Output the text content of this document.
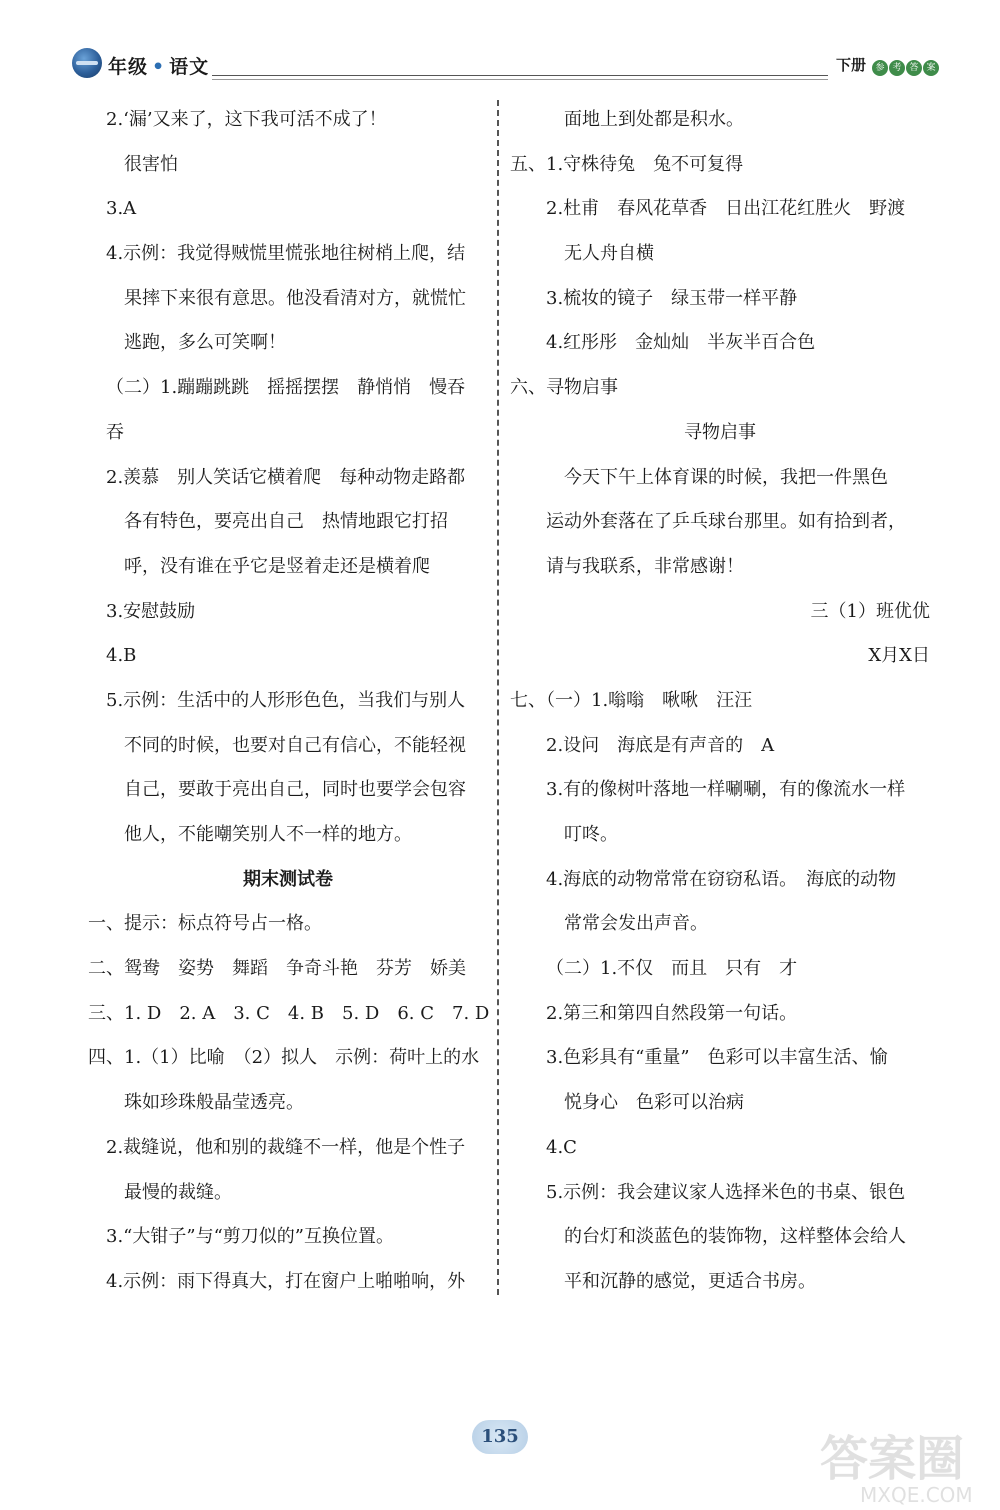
年级 • 语文	下册	参 考 答 案
2.‘漏’又来了，这下我可活不成了！
很害怕
3.A
4.示例：我觉得贼慌里慌张地往树梢上爬，结
果摔下来很有意思。他没看清对方，就慌忙
逃跑，多么可笑啊！
（二）1.蹦蹦跳跳　摇摇摆摆　静悄悄　慢吞
吞
2.羡慕　别人笑话它横着爬　每种动物走路都
各有特色，要亮出自己　热情地跟它打招
呼，没有谁在乎它是竖着走还是横着爬
3.安慰鼓励
4.B
5.示例：生活中的人形形色色，当我们与别人
不同的时候，也要对自己有信心，不能轻视
自己，要敢于亮出自己，同时也要学会包容
他人，不能嘲笑别人不一样的地方。
期末测试卷
一、提示：标点符号占一格。
二、鸳鸯　姿势　舞蹈　争奇斗艳　芬芳　娇美
三、1. D　2. A　3. C　4. B　5. D　6. C　7. D
四、1.（1）比喻　（2）拟人　示例：荷叶上的水
珠如珍珠般晶莹透亮。
2.裁缝说，他和别的裁缝不一样，他是个性子
最慢的裁缝。
3.“大钳子”与“剪刀似的”互换位置。
4.示例：雨下得真大，打在窗户上啪啪响，外
面地上到处都是积水。
五、1.守株待兔　兔不可复得
2.杜甫　春风花草香　日出江花红胜火　野渡
无人舟自横
3.梳妆的镜子　绿玉带一样平静
4.红彤彤　金灿灿　半灰半百合色
六、寻物启事
寻物启事
今天下午上体育课的时候，我把一件黑色
运动外套落在了乒乓球台那里。如有拾到者，
请与我联系，非常感谢！
三（1）班优优
X月X日
七、（一）1.嗡嗡　啾啾　汪汪
2.设问　海底是有声音的　A
3.有的像树叶落地一样唰唰，有的像流水一样
叮咚。
4.海底的动物常常在窃窃私语。　海底的动物
常常会发出声音。
（二）1.不仅　而且　只有　才
2.第三和第四自然段第一句话。
3.色彩具有“重量”　色彩可以丰富生活、愉
悦身心　色彩可以治病
4.C
5.示例：我会建议家人选择米色的书桌、银色
的台灯和淡蓝色的装饰物，这样整体会给人
平和沉静的感觉，更适合书房。
135	答案圈
MXQE.COM
